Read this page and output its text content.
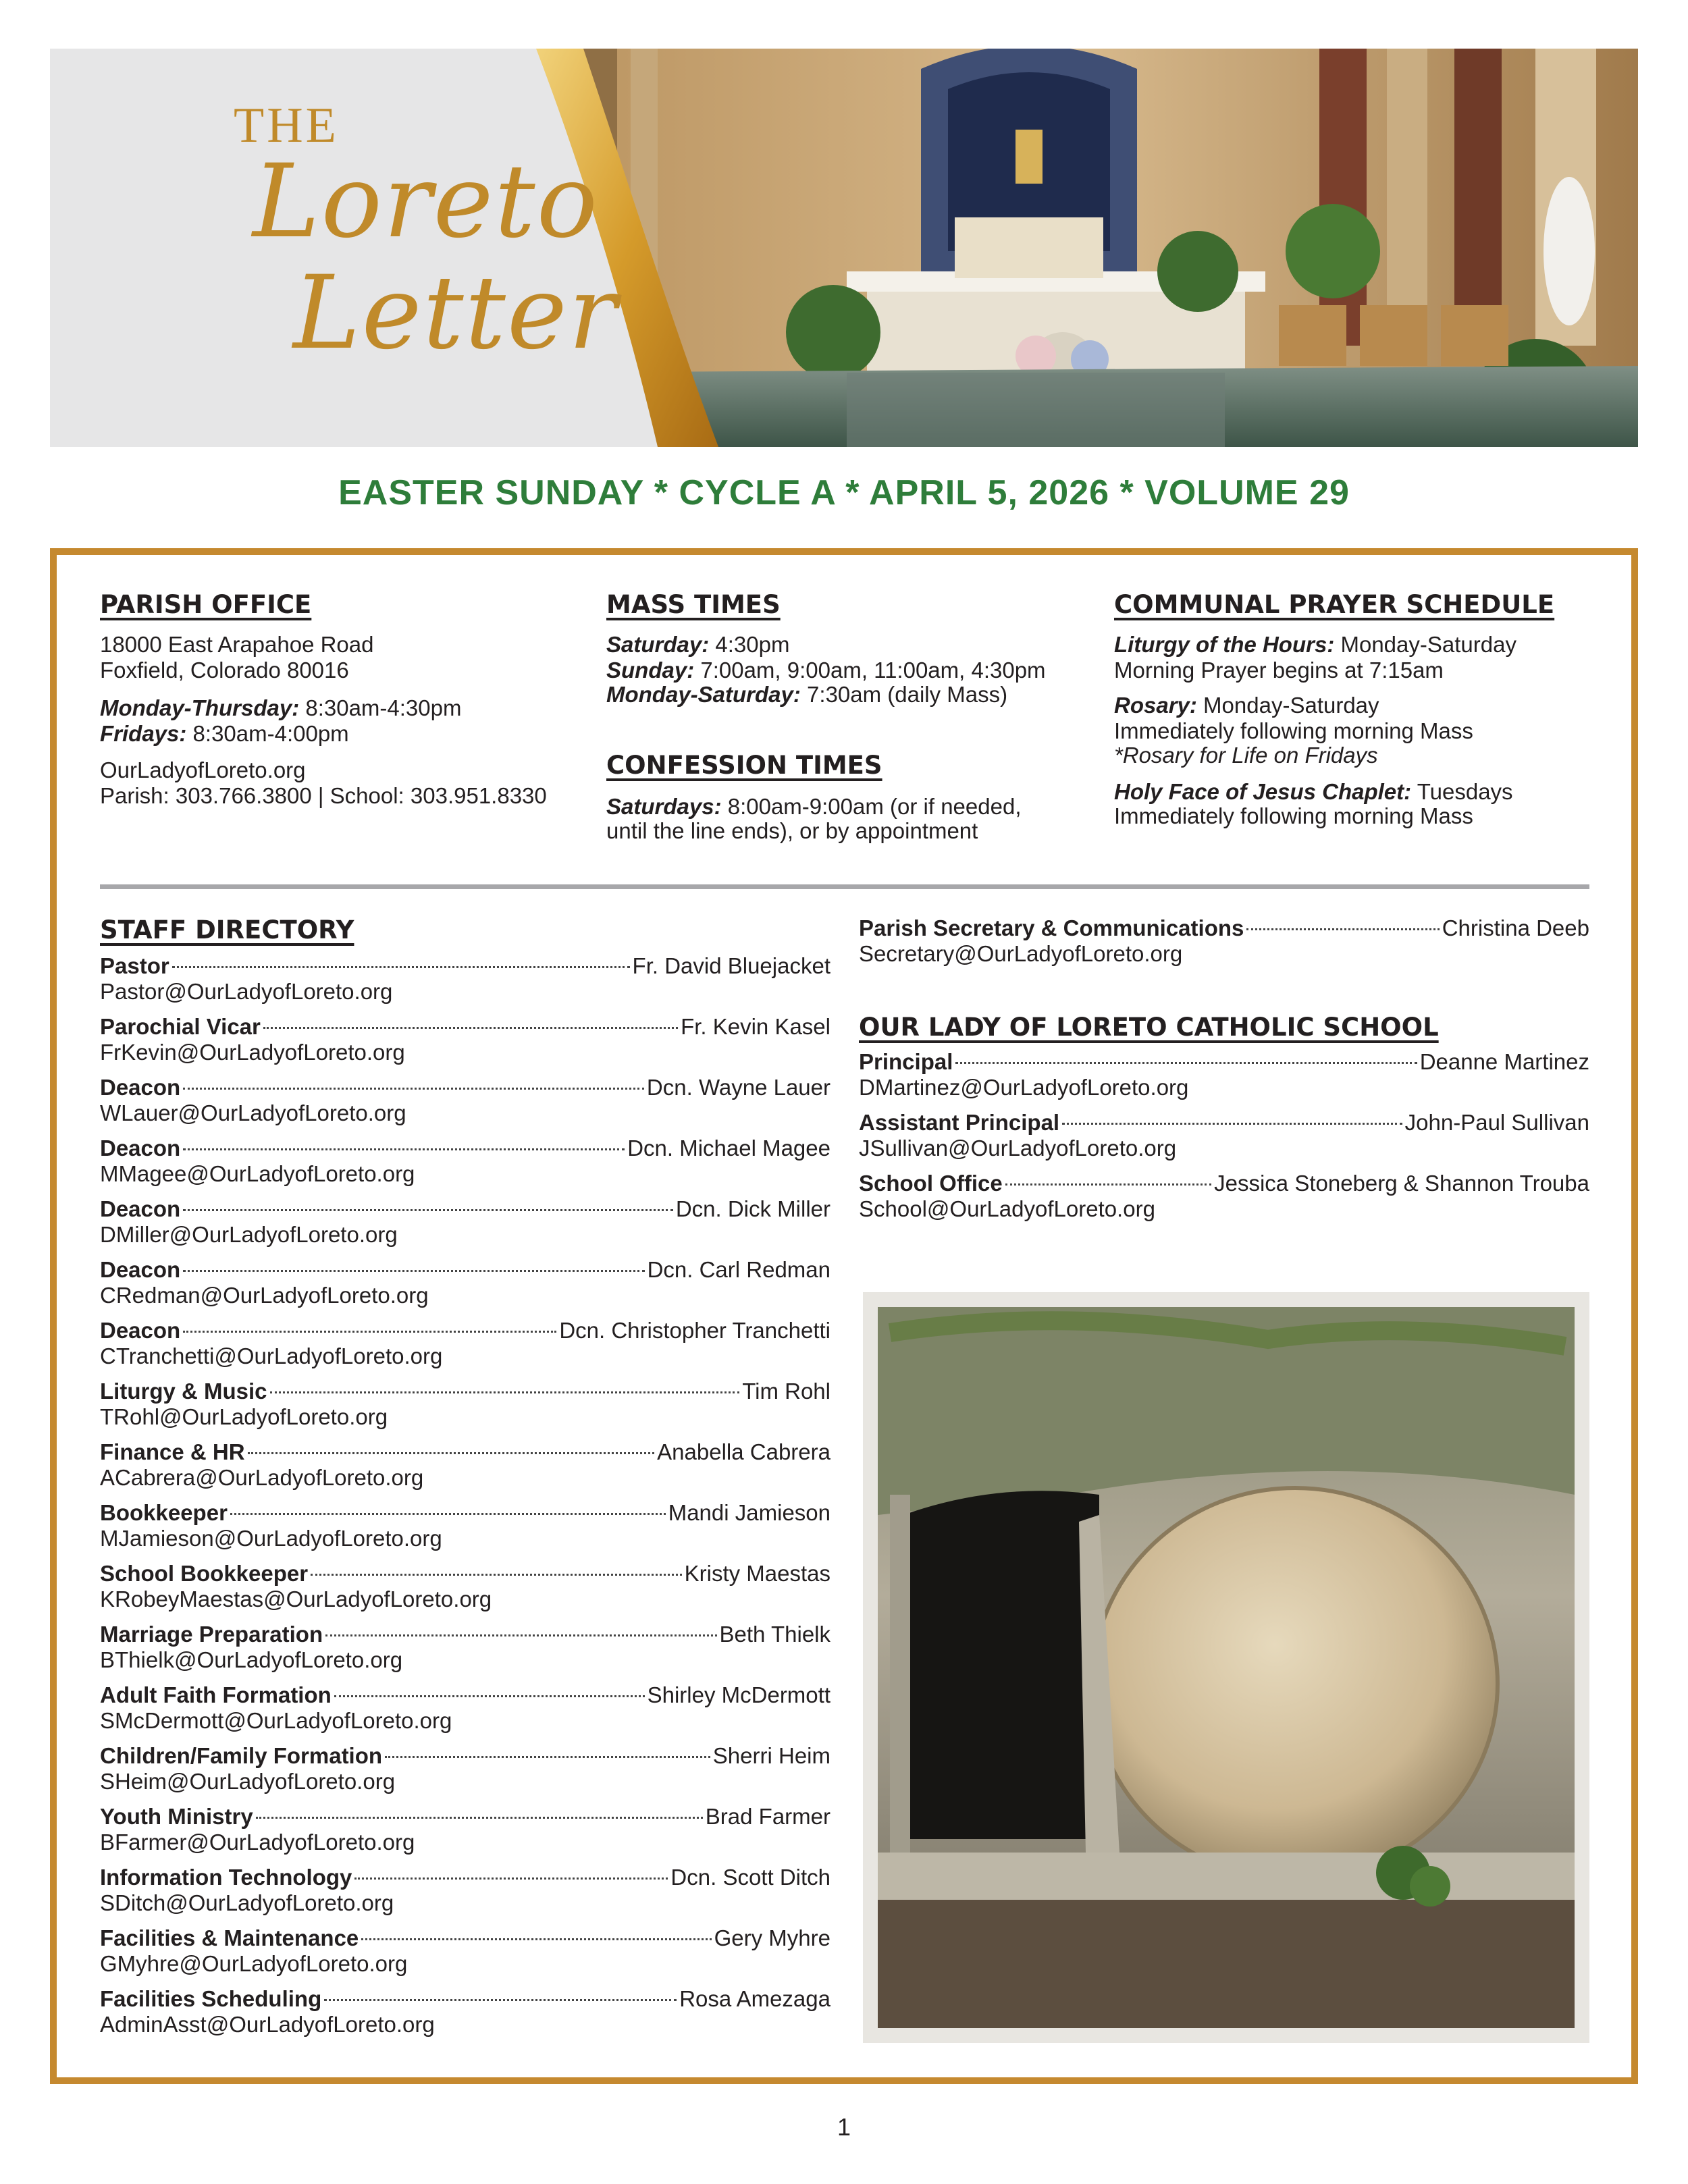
THE
Loreto
Letter
EASTER SUNDAY * CYCLE A * APRIL 5, 2026 * VOLUME 29
PARISH OFFICE
18000 East Arapahoe Road
Foxfield, Colorado 80016
Monday-Thursday: 8:30am-4:30pm
Fridays: 8:30am-4:00pm
OurLadyofLoreto.org
Parish: 303.766.3800 | School: 303.951.8330
MASS TIMES
Saturday: 4:30pm
Sunday: 7:00am, 9:00am, 11:00am, 4:30pm
Monday-Saturday: 7:30am (daily Mass)
CONFESSION TIMES
Saturdays: 8:00am-9:00am (or if needed,
until the line ends), or by appointment
COMMUNAL PRAYER SCHEDULE
Liturgy of the Hours: Monday-Saturday
Morning Prayer begins at 7:15am
Rosary: Monday-Saturday
Immediately following morning Mass
*Rosary for Life on Fridays
Holy Face of Jesus Chaplet: Tuesdays
Immediately following morning Mass
STAFF DIRECTORY
Pastor	Fr. David Bluejacket
Pastor@OurLadyofLoreto.org
Parochial Vicar	Fr. Kevin Kasel
FrKevin@OurLadyofLoreto.org
Deacon	Dcn. Wayne Lauer
WLauer@OurLadyofLoreto.org
Deacon	Dcn. Michael Magee
MMagee@OurLadyofLoreto.org
Deacon	Dcn. Dick Miller
DMiller@OurLadyofLoreto.org
Deacon	Dcn. Carl Redman
CRedman@OurLadyofLoreto.org
Deacon	Dcn. Christopher Tranchetti
CTranchetti@OurLadyofLoreto.org
Liturgy & Music	Tim Rohl
TRohl@OurLadyofLoreto.org
Finance & HR	Anabella Cabrera
ACabrera@OurLadyofLoreto.org
Bookkeeper	Mandi Jamieson
MJamieson@OurLadyofLoreto.org
School Bookkeeper	Kristy Maestas
KRobeyMaestas@OurLadyofLoreto.org
Marriage Preparation	Beth Thielk
BThielk@OurLadyofLoreto.org
Adult Faith Formation	Shirley McDermott
SMcDermott@OurLadyofLoreto.org
Children/Family Formation	Sherri Heim
SHeim@OurLadyofLoreto.org
Youth Ministry	Brad Farmer
BFarmer@OurLadyofLoreto.org
Information Technology	Dcn. Scott Ditch
SDitch@OurLadyofLoreto.org
Facilities & Maintenance	Gery Myhre
GMyhre@OurLadyofLoreto.org
Facilities Scheduling	Rosa Amezaga
AdminAsst@OurLadyofLoreto.org
Parish Secretary & Communications	Christina Deeb
Secretary@OurLadyofLoreto.org
OUR LADY OF LORETO CATHOLIC SCHOOL
Principal	Deanne Martinez
DMartinez@OurLadyofLoreto.org
Assistant Principal	John-Paul Sullivan
JSullivan@OurLadyofLoreto.org
School Office	Jessica Stoneberg & Shannon Trouba
School@OurLadyofLoreto.org
1
